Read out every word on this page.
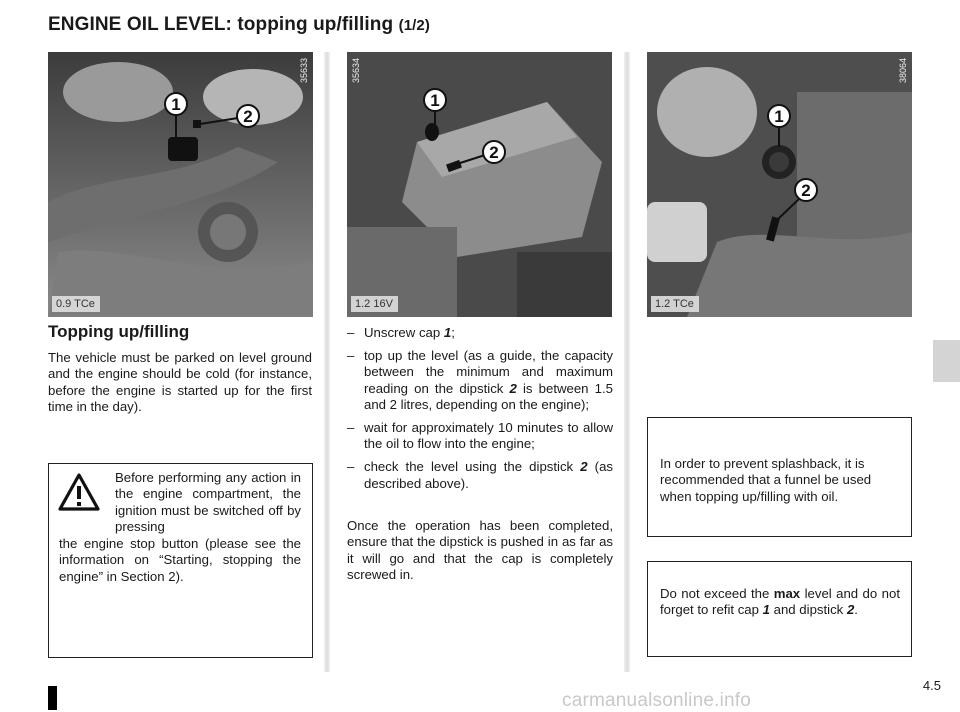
ENGINE OIL LEVEL: topping up/filling (1/2)
1
2
35633
0.9 TCe
1
2
35634
1.2 16V
1
2
38064
1.2 TCe
Topping up/filling
The vehicle must be parked on level ground and the engine should be cold (for instance, before the engine is started up for the first time in the day).
Before performing any action in the engine compartment, the ignition must be switched off by pressing
the engine stop button (please see the information on “Starting, stopping the engine” in Section 2).
– Unscrew cap 1;
– top up the level (as a guide, the capacity between the minimum and maximum reading on the dipstick 2 is between 1.5 and 2 litres, depending on the engine);
– wait for approximately 10 minutes to allow the oil to flow into the engine;
– check the level using the dipstick 2 (as described above).
Once the operation has been completed, ensure that the dipstick is pushed in as far as it will go and that the cap is completely screwed in.
In order to prevent splashback, it is recommended that a funnel be used when topping up/filling with oil.
Do not exceed the max level and do not forget to refit cap 1 and dipstick 2.
4.5
carmanualsonline.info
